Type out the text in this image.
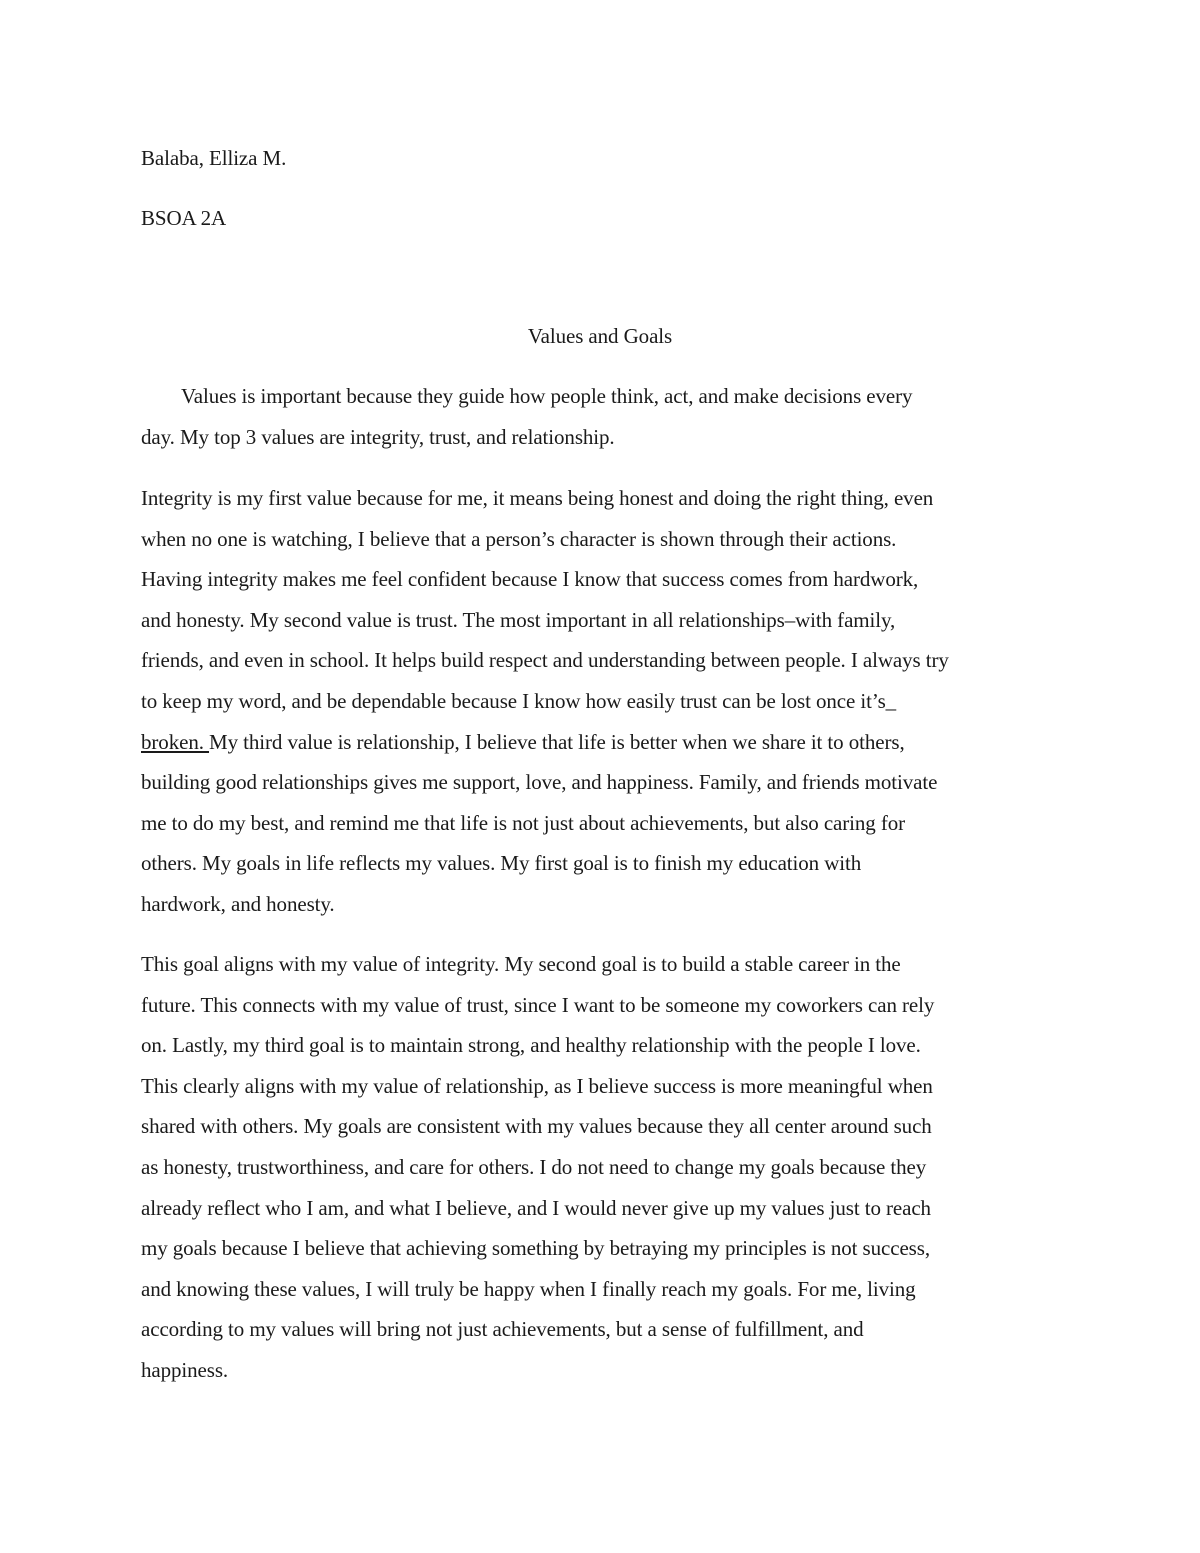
Balaba, Elliza M.

BSOA 2A

Values and Goals

Values is important because they guide how people think, act, and make decisions every
day. My top 3 values are integrity, trust, and relationship.
Integrity is my first value because for me, it means being honest and doing the right thing, even
when no one is watching, I believe that a person’s character is shown through their actions.
Having integrity makes me feel confident because I know that success comes from hardwork,
and honesty. My second value is trust. The most important in all relationships–with family,
friends, and even in school. It helps build respect and understanding between people. I always try
to keep my word, and be dependable because I know how easily trust can be lost once it’s_
broken. My third value is relationship, I believe that life is better when we share it to others,
building good relationships gives me support, love, and happiness. Family, and friends motivate
me to do my best, and remind me that life is not just about achievements, but also caring for
others. My goals in life reflects my values. My first goal is to finish my education with
hardwork, and honesty.
This goal aligns with my value of integrity. My second goal is to build a stable career in the
future. This connects with my value of trust, since I want to be someone my coworkers can rely
on. Lastly, my third goal is to maintain strong, and healthy relationship with the people I love.
This clearly aligns with my value of relationship, as I believe success is more meaningful when
shared with others. My goals are consistent with my values because they all center around such
as honesty, trustworthiness, and care for others. I do not need to change my goals because they
already reflect who I am, and what I believe, and I would never give up my values just to reach
my goals because I believe that achieving something by betraying my principles is not success,
and knowing these values, I will truly be happy when I finally reach my goals. For me, living
according to my values will bring not just achievements, but a sense of fulfillment, and
happiness.
